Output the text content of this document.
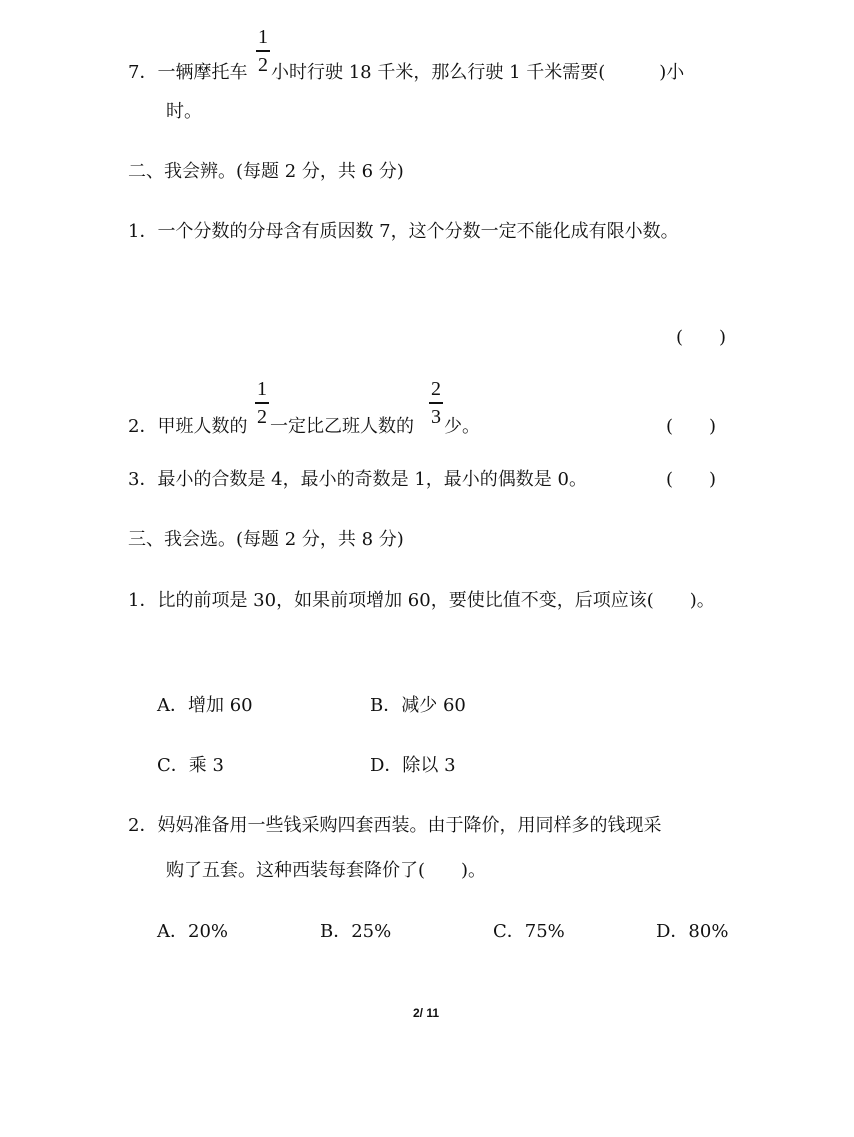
7．一辆摩托车
1
2 小时行驶 18 千米，那么行驶 1 千米需要(　　　)小
时。
二、我会辨。(每题 2 分，共 6 分)
1．一个分数的分母含有质因数 7，这个分数一定不能化成有限小数。
(　　)
2．甲班人数的
1
2 一定比乙班人数的
2
3 少。	(　　)
3．最小的合数是 4，最小的奇数是 1，最小的偶数是 0。	(　　)
三、我会选。(每题 2 分，共 8 分)
1．比的前项是 30，如果前项增加 60，要使比值不变，后项应该(　　)。
A．增加 60	B．减少 60
C．乘 3	D．除以 3
2．妈妈准备用一些钱采购四套西装。由于降价，用同样多的钱现采
购了五套。这种西装每套降价了(　　)。
A．20%	B．25%	C．75%	D．80%
2/ 11
